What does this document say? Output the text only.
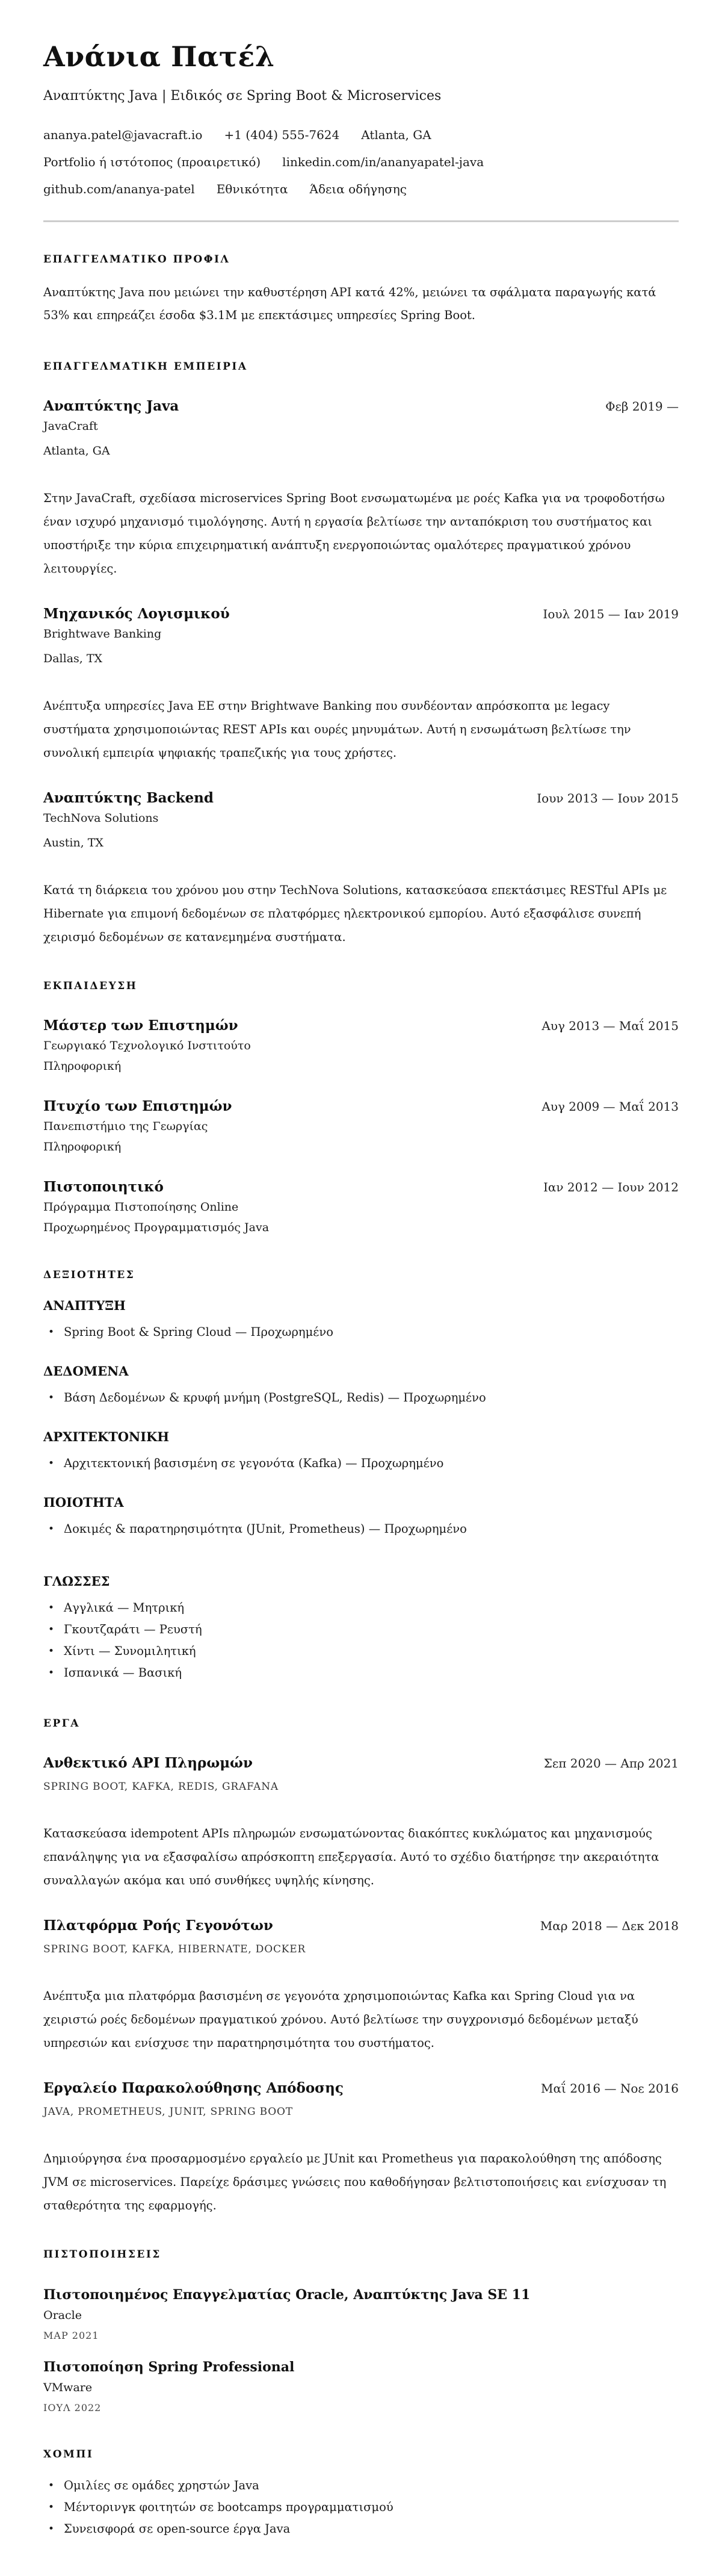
Ανάνια Πατέλ
Αναπτύκτης Java | Ειδικός σε Spring Boot & Microservices
ananya.patel@javacraft.io +1 (404) 555-7624 Atlanta, GA
Portfolio ή ιστότοπος (προαιρετικό) linkedin.com/in/ananyapatel-java
github.com/ananya-patel Εθνικότητα Άδεια οδήγησης
ΕΠΑΓΓΕΛΜΑΤΙΚΟ ΠΡΟΦΙΛ

Αναπτύκτης Java που μειώνει την καθυστέρηση API κατά 42%, μειώνει τα σφάλματα παραγωγής κατά 53% και επηρεάζει έσοδα $3.1M με επεκτάσιμες υπηρεσίες Spring Boot.

ΕΠΑΓΓΕΛΜΑΤΙΚΗ ΕΜΠΕΙΡΙΑ
Αναπτύκτης Java	Φεβ 2019 —
JavaCraft
Atlanta, GA

Στην JavaCraft, σχεδίασα microservices Spring Boot ενσωματωμένα με ροές Kafka για να τροφοδοτήσω έναν ισχυρό μηχανισμό τιμολόγησης. Αυτή η εργασία βελτίωσε την ανταπόκριση του συστήματος και υποστήριξε την κύρια επιχειρηματική ανάπτυξη ενεργοποιώντας ομαλότερες πραγματικού χρόνου λειτουργίες.

Μηχανικός Λογισμικού	Ιουλ 2015 — Ιαν 2019
Brightwave Banking
Dallas, TX

Ανέπτυξα υπηρεσίες Java EE στην Brightwave Banking που συνδέονταν απρόσκοπτα με legacy συστήματα χρησιμοποιώντας REST APIs και ουρές μηνυμάτων. Αυτή η ενσωμάτωση βελτίωσε την συνολική εμπειρία ψηφιακής τραπεζικής για τους χρήστες.

Αναπτύκτης Backend	Ιουν 2013 — Ιουν 2015
TechNova Solutions
Austin, TX

Κατά τη διάρκεια του χρόνου μου στην TechNova Solutions, κατασκεύασα επεκτάσιμες RESTful APIs με Hibernate για επιμονή δεδομένων σε πλατφόρμες ηλεκτρονικού εμπορίου. Αυτό εξασφάλισε συνεπή χειρισμό δεδομένων σε κατανεμημένα συστήματα.

ΕΚΠΑΙΔΕΥΣΗ
Μάστερ των Επιστημών	Αυγ 2013 — Μαΐ 2015
Γεωργιακό Τεχνολογικό Ινστιτούτο
Πληροφορική
Πτυχίο των Επιστημών	Αυγ 2009 — Μαΐ 2013
Πανεπιστήμιο της Γεωργίας
Πληροφορική
Πιστοποιητικό	Ιαν 2012 — Ιουν 2012
Πρόγραμμα Πιστοποίησης Online
Προχωρημένος Προγραμματισμός Java
ΔΕΞΙΟΤΗΤΕΣ
ΑΝΑΠΤΥΞΗ
• Spring Boot & Spring Cloud — Προχωρημένο
ΔΕΔΟΜΕΝΑ
• Βάση Δεδομένων & κρυφή μνήμη (PostgreSQL, Redis) — Προχωρημένο
ΑΡΧΙΤΕΚΤΟΝΙΚΗ
• Αρχιτεκτονική βασισμένη σε γεγονότα (Kafka) — Προχωρημένο
ΠΟΙΟΤΗΤΑ
• Δοκιμές & παρατηρησιμότητα (JUnit, Prometheus) — Προχωρημένο
ΓΛΩΣΣΕΣ
• Αγγλικά — Μητρική
• Γκουτζαράτι — Ρευστή
• Χίντι — Συνομιλητική
• Ισπανικά — Βασική
ΕΡΓΑ
Ανθεκτικό API Πληρωμών	Σεπ 2020 — Απρ 2021
SPRING BOOT, KAFKA, REDIS, GRAFANA

Κατασκεύασα idempotent APIs πληρωμών ενσωματώνοντας διακόπτες κυκλώματος και μηχανισμούς επανάληψης για να εξασφαλίσω απρόσκοπτη επεξεργασία. Αυτό το σχέδιο διατήρησε την ακεραιότητα συναλλαγών ακόμα και υπό συνθήκες υψηλής κίνησης.

Πλατφόρμα Ροής Γεγονότων	Μαρ 2018 — Δεκ 2018
SPRING BOOT, KAFKA, HIBERNATE, DOCKER

Ανέπτυξα μια πλατφόρμα βασισμένη σε γεγονότα χρησιμοποιώντας Kafka και Spring Cloud για να χειριστώ ροές δεδομένων πραγματικού χρόνου. Αυτό βελτίωσε την συγχρονισμό δεδομένων μεταξύ υπηρεσιών και ενίσχυσε την παρατηρησιμότητα του συστήματος.

Εργαλείο Παρακολούθησης Απόδοσης	Μαΐ 2016 — Νοε 2016
JAVA, PROMETHEUS, JUNIT, SPRING BOOT

Δημιούργησα ένα προσαρμοσμένο εργαλείο με JUnit και Prometheus για παρακολούθηση της απόδοσης JVM σε microservices. Παρείχε δράσιμες γνώσεις που καθοδήγησαν βελτιστοποιήσεις και ενίσχυσαν τη σταθερότητα της εφαρμογής.

ΠΙΣΤΟΠΟΙΗΣΕΙΣ
Πιστοποιημένος Επαγγελματίας Oracle, Αναπτύκτης Java SE 11
Oracle
ΜΑΡ 2021
Πιστοποίηση Spring Professional
VMware
ΙΟΥΛ 2022
ΧΟΜΠΙ
• Ομιλίες σε ομάδες χρηστών Java
• Μέντορινγκ φοιτητών σε bootcamps προγραμματισμού
• Συνεισφορά σε open-source έργα Java
